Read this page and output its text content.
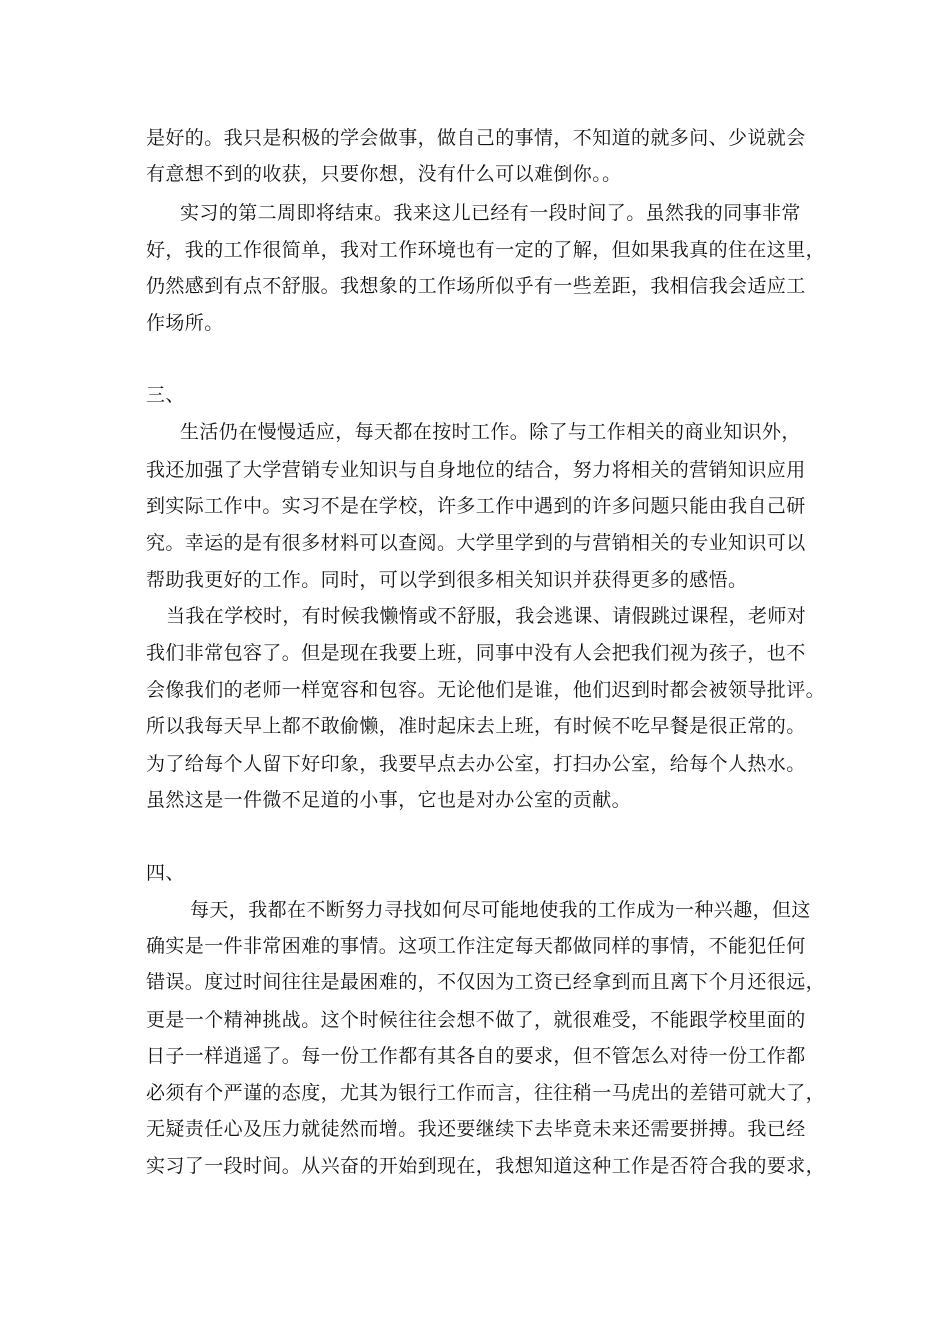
是好的。我只是积极的学会做事，做自己的事情，不知道的就多问、少说就会
有意想不到的收获，只要你想，没有什么可以难倒你。。
实习的第二周即将结束。我来这儿已经有一段时间了。虽然我的同事非常
好，我的工作很简单，我对工作环境也有一定的了解，但如果我真的住在这里，
仍然感到有点不舒服。我想象的工作场所似乎有一些差距，我相信我会适应工
作场所。
三、
生活仍在慢慢适应，每天都在按时工作。除了与工作相关的商业知识外，
我还加强了大学营销专业知识与自身地位的结合，努力将相关的营销知识应用
到实际工作中。实习不是在学校，许多工作中遇到的许多问题只能由我自己研
究。幸运的是有很多材料可以查阅。大学里学到的与营销相关的专业知识可以
帮助我更好的工作。同时，可以学到很多相关知识并获得更多的感悟。
当我在学校时，有时候我懒惰或不舒服，我会逃课、请假跳过课程，老师对
我们非常包容了。但是现在我要上班，同事中没有人会把我们视为孩子，也不
会像我们的老师一样宽容和包容。无论他们是谁，他们迟到时都会被领导批评。
所以我每天早上都不敢偷懒，准时起床去上班，有时候不吃早餐是很正常的。
为了给每个人留下好印象，我要早点去办公室，打扫办公室，给每个人热水。
虽然这是一件微不足道的小事，它也是对办公室的贡献。
四、
每天，我都在不断努力寻找如何尽可能地使我的工作成为一种兴趣，但这
确实是一件非常困难的事情。这项工作注定每天都做同样的事情，不能犯任何
错误。度过时间往往是最困难的，不仅因为工资已经拿到而且离下个月还很远，
更是一个精神挑战。这个时候往往会想不做了，就很难受，不能跟学校里面的
日子一样逍遥了。每一份工作都有其各自的要求，但不管怎么对待一份工作都
必须有个严谨的态度，尤其为银行工作而言，往往稍一马虎出的差错可就大了，
无疑责任心及压力就徒然而增。我还要继续下去毕竟未来还需要拼搏。我已经
实习了一段时间。从兴奋的开始到现在，我想知道这种工作是否符合我的要求，
